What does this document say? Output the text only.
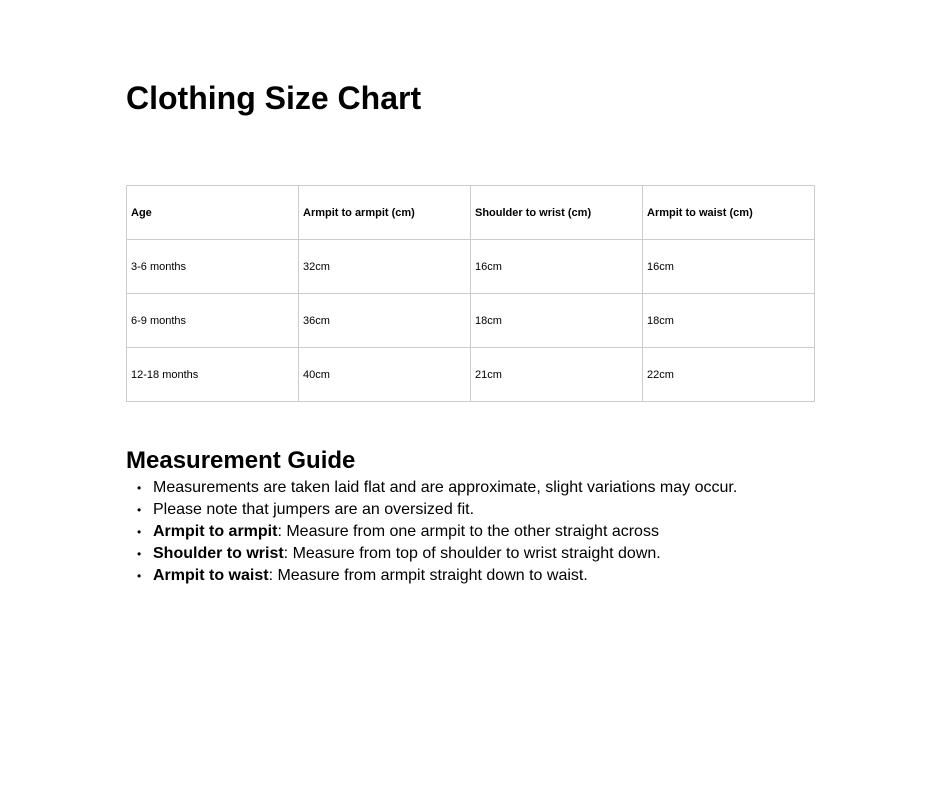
Clothing Size Chart
Age	Armpit to armpit (cm)	Shoulder to wrist (cm)	Armpit to waist (cm)
3-6 months	32cm	16cm	16cm
6-9 months	36cm	18cm	18cm
12-18 months	40cm	21cm	22cm
Measurement Guide
• Measurements are taken laid flat and are approximate, slight variations may occur.
• Please note that jumpers are an oversized fit.
• Armpit to armpit: Measure from one armpit to the other straight across
• Shoulder to wrist: Measure from top of shoulder to wrist straight down.
• Armpit to waist: Measure from armpit straight down to waist.
